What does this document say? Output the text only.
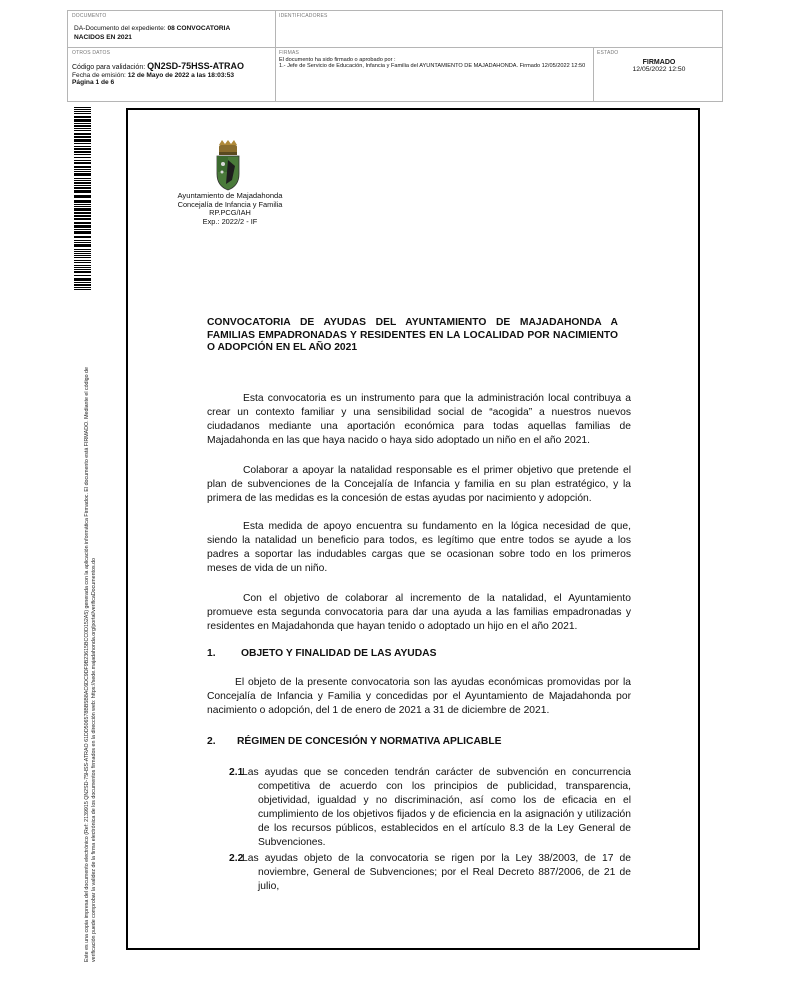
DOCUMENTO
DA-Documento del expediente: 08 CONVOCATORIA
NACIDOS EN 2021
IDENTIFICADORES
OTROS DATOS
Código para validación: QN2SD-75HSS-ATRAO
Fecha de emisión: 12 de Mayo de 2022 a las 18:03:53
Página 1 de 6
FIRMAS
El documento ha sido firmado o aprobado por :
1.- Jefe de Servicio de Educación, Infancia y Familia del AYUNTAMIENTO DE MAJADAHONDA. Firmado 12/05/2022 12:50
ESTADO
FIRMADO
12/05/2022 12:50
Este es una copia impresa del documento electrónico (Ref: 2139915 QN2SD-75HSS-ATRAO 61DD506578BB5B8AC6DC9DF9B23615BCC0D152A5) generada con la aplicación informática Firmadoc. El documento está FIRMADO. Mediante el código de verificación puede comprobar la validez de la firma electrónica de los documentos firmados en la dirección web: https://sede.majadahonda.org/portal/verificaDocumentos.do
Ayuntamiento de Majadahonda
Concejalía de Infancia y Familia
RP.PCG/IAH
Exp.: 2022/2 - IF
CONVOCATORIA DE AYUDAS DEL AYUNTAMIENTO DE MAJADAHONDA A FAMILIAS EMPADRONADAS Y RESIDENTES EN LA LOCALIDAD POR NACIMIENTO O ADOPCIÓN EN EL AÑO 2021
Esta convocatoria es un instrumento para que la administración local contribuya a crear un contexto familiar y una sensibilidad social de “acogida” a nuestros nuevos ciudadanos mediante una aportación económica para todas aquellas familias de Majadahonda en las que haya nacido o haya sido adoptado un niño en el año 2021.
Colaborar a apoyar la natalidad responsable es el primer objetivo que pretende el plan de subvenciones de la Concejalía de Infancia y familia en su plan estratégico, y la primera de las medidas es la concesión de estas ayudas por nacimiento y adopción.
Esta medida de apoyo encuentra su fundamento en la lógica necesidad de que, siendo la natalidad un beneficio para todos, es legítimo que entre todos se ayude a los padres a soportar las indudables cargas que se ocasionan sobre todo en los primeros meses de vida de un niño.
Con el objetivo de colaborar al incremento de la natalidad, el Ayuntamiento promueve esta segunda convocatoria para dar una ayuda a las familias empadronadas y residentes en Majadahonda que hayan tenido o adoptado un hijo en el año 2021.
1. OBJETO Y FINALIDAD DE LAS AYUDAS
El objeto de la presente convocatoria son las ayudas económicas promovidas por la Concejalía de Infancia y Familia y concedidas por el Ayuntamiento de Majadahonda por nacimiento o adopción, del 1 de enero de 2021 a 31 de diciembre de 2021.
2. RÉGIMEN DE CONCESIÓN Y NORMATIVA APLICABLE
2.1
Las ayudas que se conceden tendrán carácter de subvención en concurrencia competitiva de acuerdo con los principios de publicidad, transparencia, objetividad, igualdad y no discriminación, así como los de eficacia en el cumplimiento de los objetivos fijados y de eficiencia en la asignación y utilización de los recursos públicos, establecidos en el artículo 8.3 de la Ley General de Subvenciones.
2.2
Las ayudas objeto de la convocatoria se rigen por la Ley 38/2003, de 17 de noviembre, General de Subvenciones; por el Real Decreto 887/2006, de 21 de julio,
